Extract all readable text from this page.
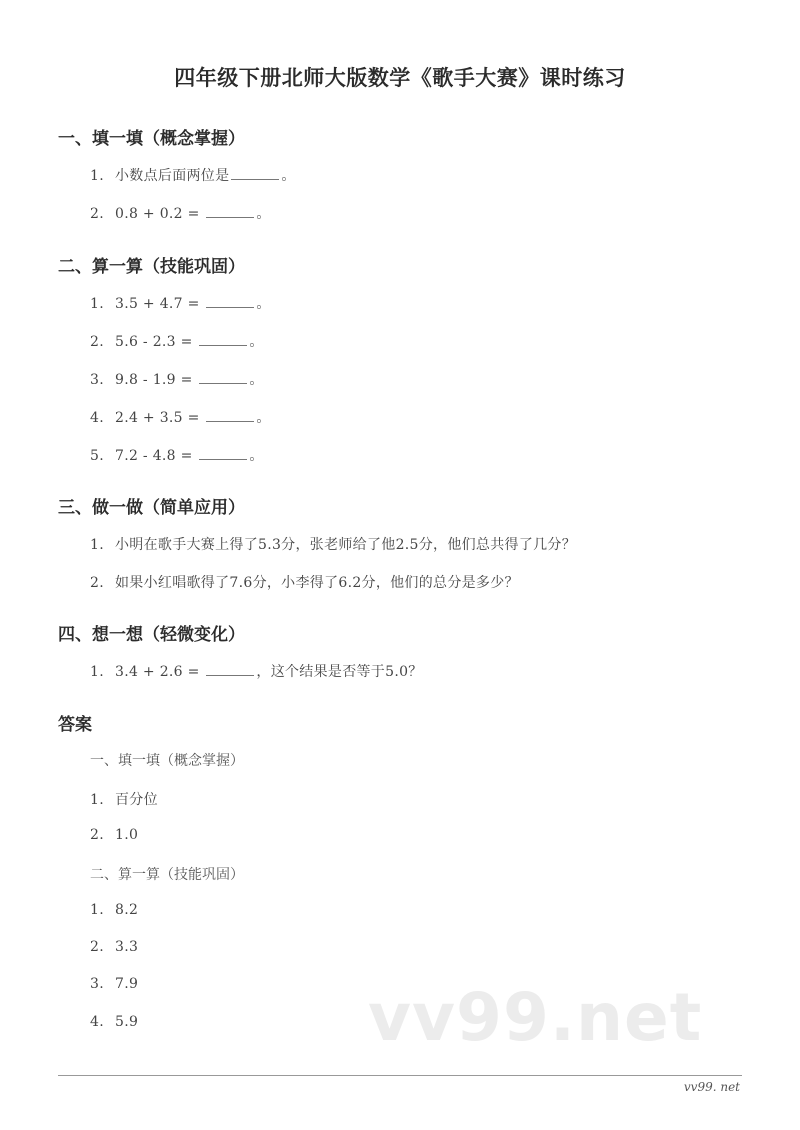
四年级下册北师大版数学《歌手大赛》课时练习
一、填一填（概念掌握）
1. 小数点后面两位是	。
2. 0.8 + 0.2 =	。
二、算一算（技能巩固）
1. 3.5 + 4.7 =	。
2. 5.6 - 2.3 =	。
3. 9.8 - 1.9 =	。
4. 2.4 + 3.5 =	。
5. 7.2 - 4.8 =	。
三、做一做（简单应用）
1. 小明在歌手大赛上得了5.3分，张老师给了他2.5分，他们总共得了几分？
2. 如果小红唱歌得了7.6分，小李得了6.2分，他们的总分是多少？
四、想一想（轻微变化）
1. 3.4 + 2.6 =	，这个结果是否等于5.0？
答案
一、填一填（概念掌握）
1. 百分位
2. 1.0
二、算一算（技能巩固）
1. 8.2
2. 3.3
3. 7.9
4. 5.9	vv99.net
vv99. net
